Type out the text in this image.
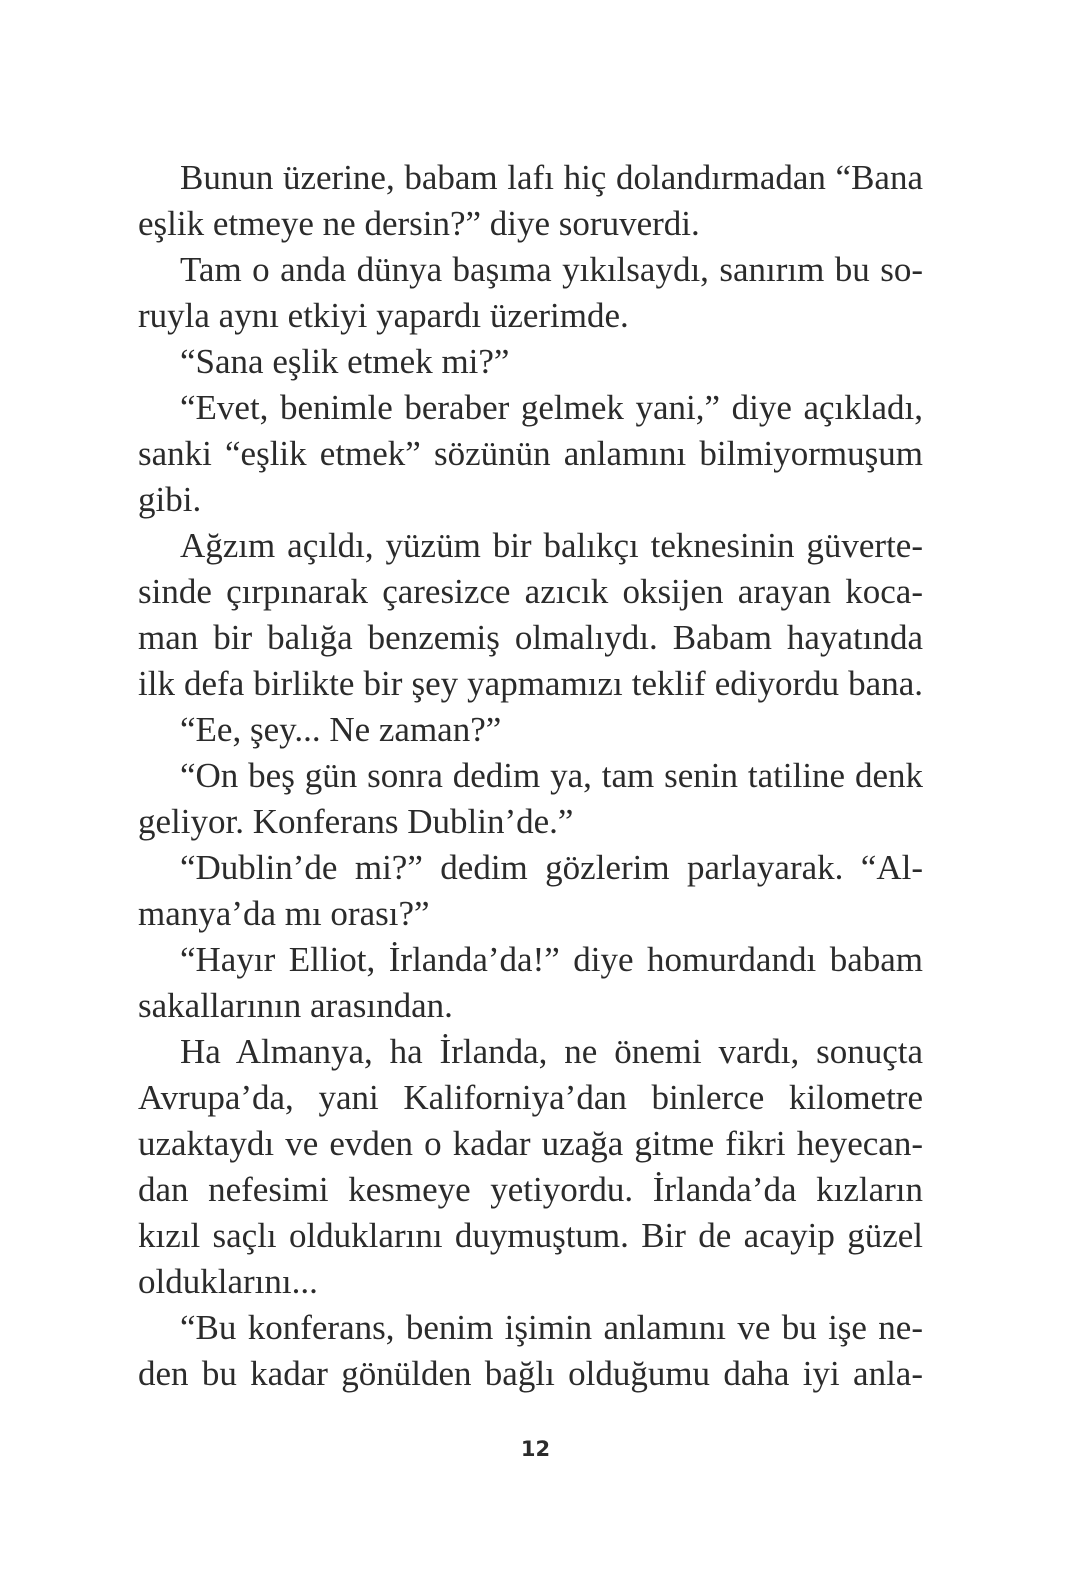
Bunun üzerine, babam lafı hiç dolandırmadan “Bana
eşlik etmeye ne dersin?” diye soruverdi.
Tam o anda dünya başıma yıkılsaydı, sanırım bu so-
ruyla aynı etkiyi yapardı üzerimde.
“Sana eşlik etmek mi?”
“Evet, benimle beraber gelmek yani,” diye açıkladı,
sanki “eşlik etmek” sözünün anlamını bilmiyormuşum
gibi.
Ağzım açıldı, yüzüm bir balıkçı teknesinin güverte-
sinde çırpınarak çaresizce azıcık oksijen arayan koca-
man bir balığa benzemiş olmalıydı. Babam hayatında
ilk defa birlikte bir şey yapmamızı teklif ediyordu bana.
“Ee, şey... Ne zaman?”
“On beş gün sonra dedim ya, tam senin tatiline denk
geliyor. Konferans Dublin’de.”
“Dublin’de mi?” dedim gözlerim parlayarak. “Al-
manya’da mı orası?”
“Hayır Elliot, İrlanda’da!” diye homurdandı babam
sakallarının arasından.
Ha Almanya, ha İrlanda, ne önemi vardı, sonuçta
Avrupa’da, yani Kaliforniya’dan binlerce kilometre
uzaktaydı ve evden o kadar uzağa gitme fikri heyecan-
dan nefesimi kesmeye yetiyordu. İrlanda’da kızların
kızıl saçlı olduklarını duymuştum. Bir de acayip güzel
olduklarını...
“Bu konferans, benim işimin anlamını ve bu işe ne-
den bu kadar gönülden bağlı olduğumu daha iyi anla-
12
